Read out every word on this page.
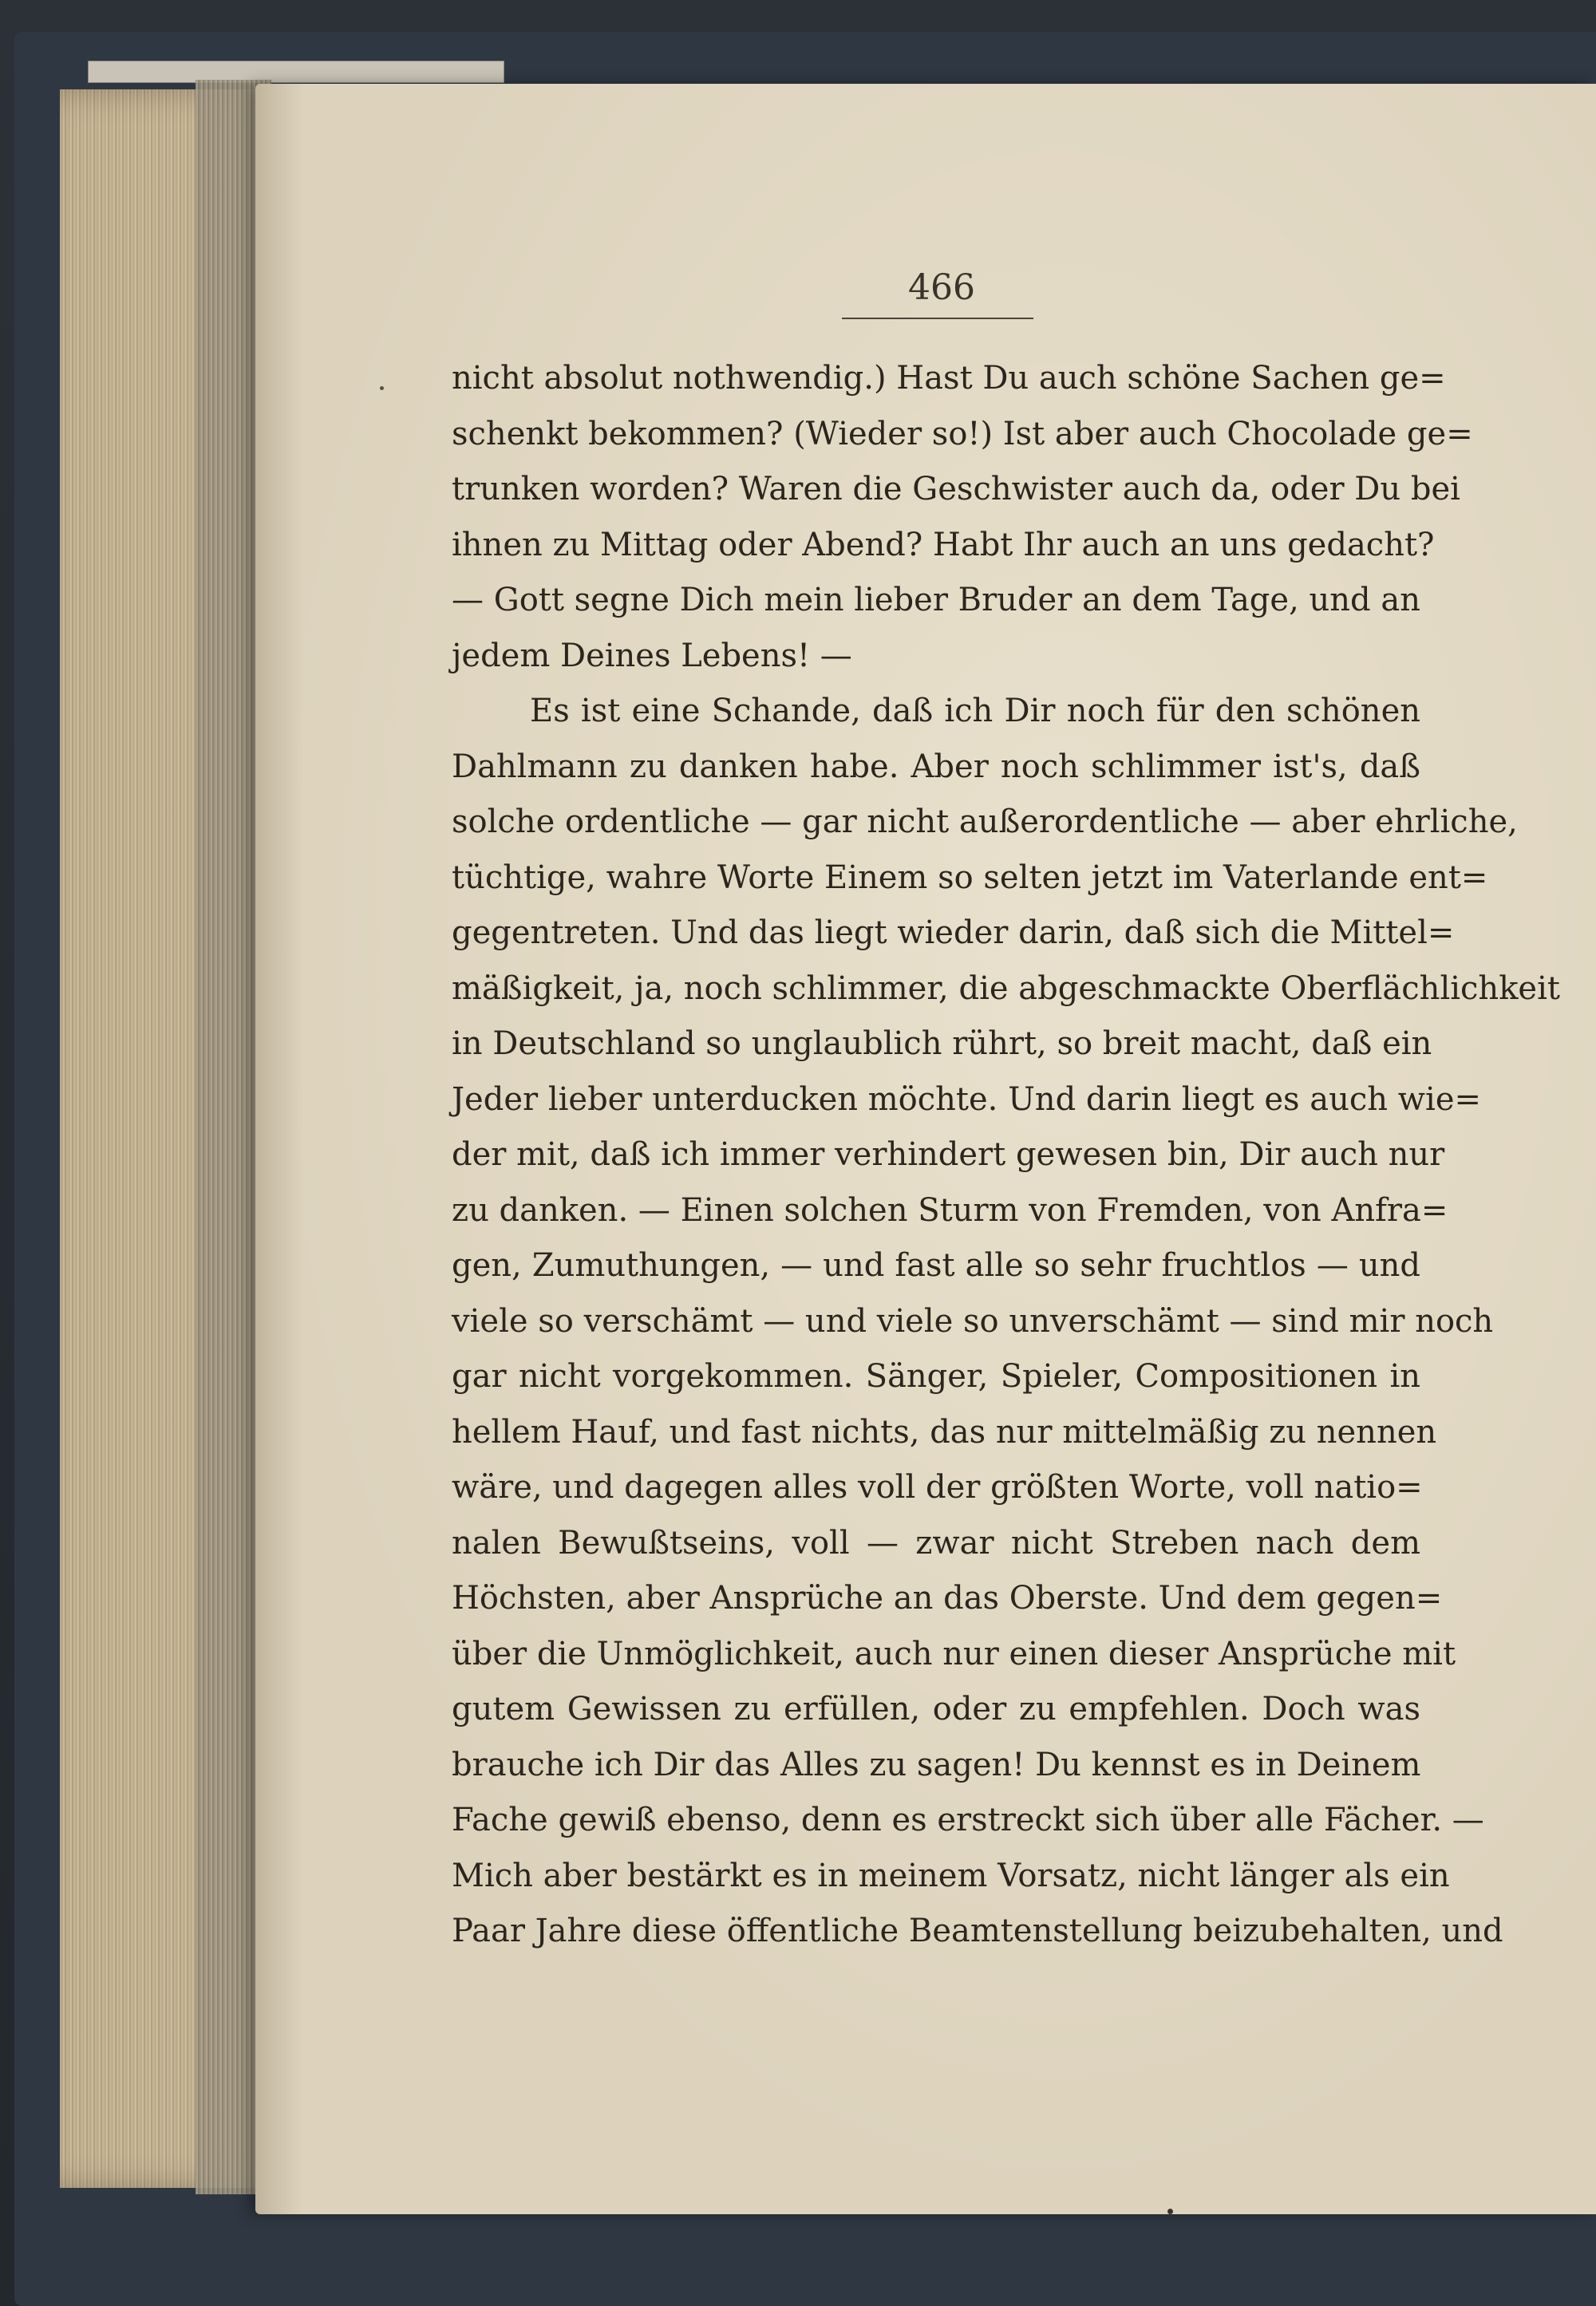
466

nicht absolut nothwendig.) Hast Du auch schöne Sachen ge=
schenkt bekommen? (Wieder so!) Ist aber auch Chocolade ge=
trunken worden? Waren die Geschwister auch da, oder Du bei
ihnen zu Mittag oder Abend? Habt Ihr auch an uns gedacht?
— Gott segne Dich mein lieber Bruder an dem Tage, und an
jedem Deines Lebens! —
Es ist eine Schande, daß ich Dir noch für den schönen
Dahlmann zu danken habe. Aber noch schlimmer ist's, daß
solche ordentliche — gar nicht außerordentliche — aber ehrliche,
tüchtige, wahre Worte Einem so selten jetzt im Vaterlande ent=
gegentreten. Und das liegt wieder darin, daß sich die Mittel=
mäßigkeit, ja, noch schlimmer, die abgeschmackte Oberflächlichkeit
in Deutschland so unglaublich rührt, so breit macht, daß ein
Jeder lieber unterducken möchte. Und darin liegt es auch wie=
der mit, daß ich immer verhindert gewesen bin, Dir auch nur
zu danken. — Einen solchen Sturm von Fremden, von Anfra=
gen, Zumuthungen, — und fast alle so sehr fruchtlos — und
viele so verschämt — und viele so unverschämt — sind mir noch
gar nicht vorgekommen. Sänger, Spieler, Compositionen in
hellem Hauf, und fast nichts, das nur mittelmäßig zu nennen
wäre, und dagegen alles voll der größten Worte, voll natio=
nalen Bewußtseins, voll — zwar nicht Streben nach dem
Höchsten, aber Ansprüche an das Oberste. Und dem gegen=
über die Unmöglichkeit, auch nur einen dieser Ansprüche mit
gutem Gewissen zu erfüllen, oder zu empfehlen. Doch was
brauche ich Dir das Alles zu sagen! Du kennst es in Deinem
Fache gewiß ebenso, denn es erstreckt sich über alle Fächer. —
Mich aber bestärkt es in meinem Vorsatz, nicht länger als ein
Paar Jahre diese öffentliche Beamtenstellung beizubehalten, und
